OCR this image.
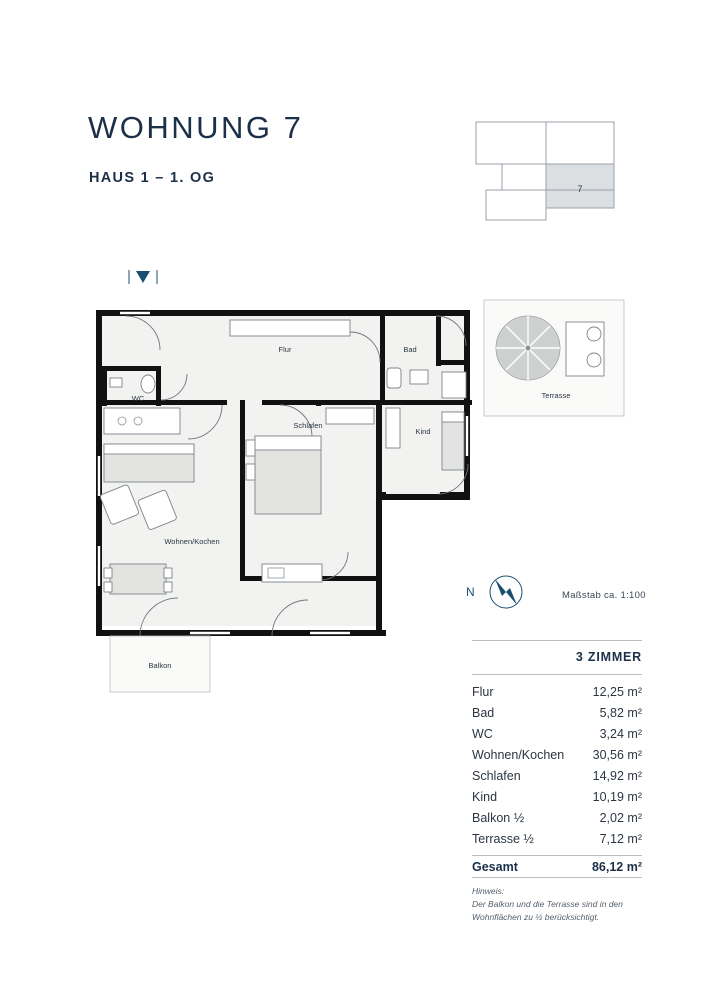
WOHNUNG 7
HAUS 1 – 1. OG
7
Terrasse
Balkon
Flur	Bad
WC
Schlafen
Kind
Wohnen/Kochen
N	Maßstab ca. 1:100
3 ZIMMER
Flur	12,25 m²
Bad	5,82 m²
WC	3,24 m²
Wohnen/Kochen	30,56 m²
Schlafen	14,92 m²
Kind	10,19 m²
Balkon ½	2,02 m²
Terrasse ½	7,12 m²
Gesamt	86,12 m²
Hinweis:
Der Balkon und die Terrasse sind in den
Wohnflächen zu ½ berücksichtigt.
